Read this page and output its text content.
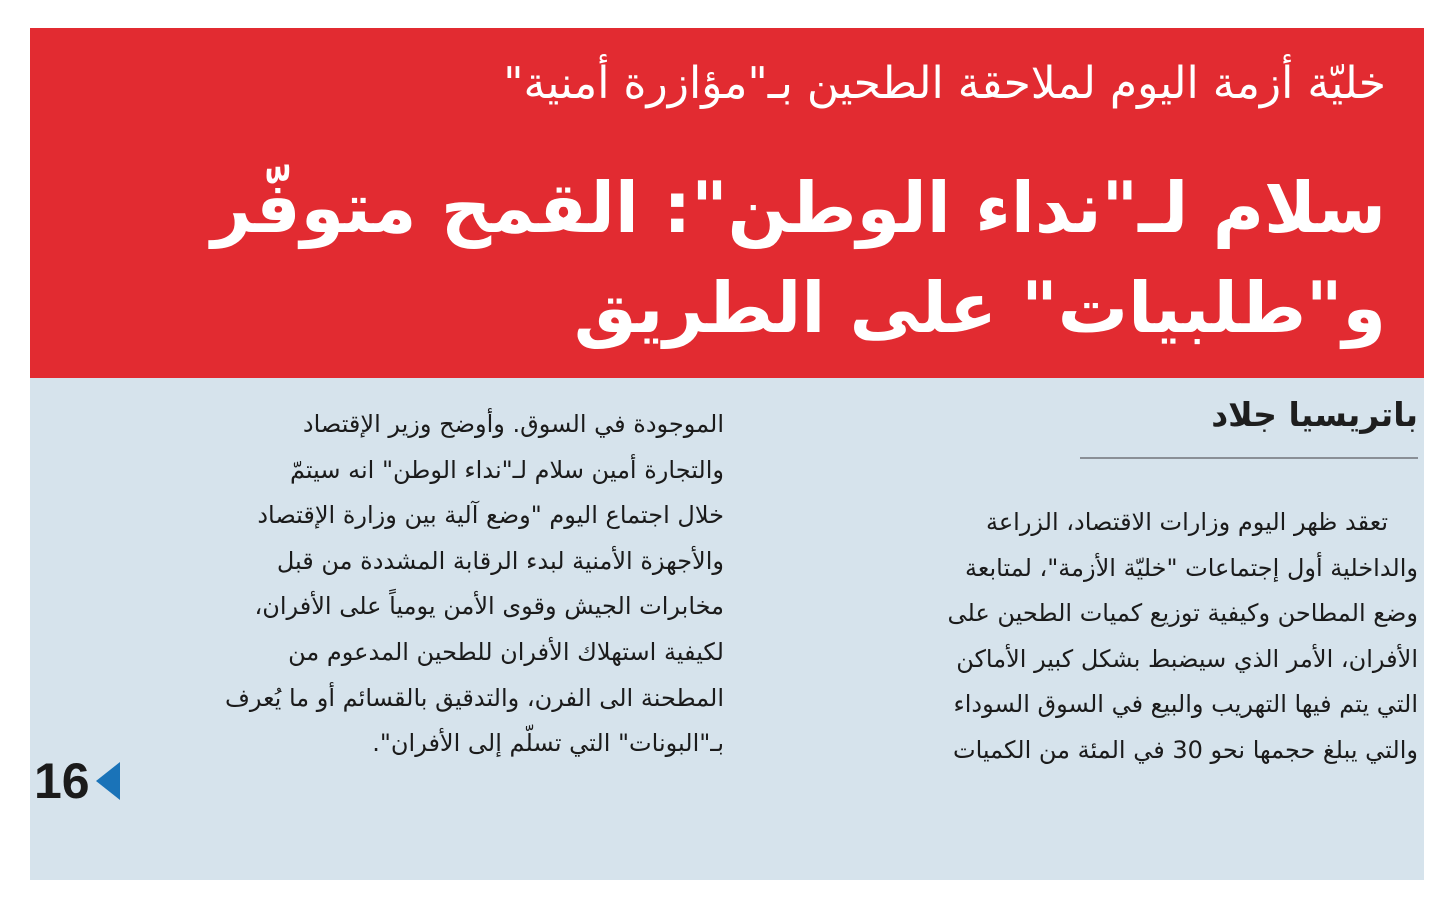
خليّة أزمة اليوم لملاحقة الطحين بـ"مؤازرة أمنية"
سلام لـ"نداء الوطن": القمح متوفّر
و"طلبيات" على الطريق
باتريسيا جلاد
تعقد ظهر اليوم وزارات الاقتصاد، الزراعة
والداخلية أول إجتماعات "خليّة الأزمة"، لمتابعة
وضع المطاحن وكيفية توزيع كميات الطحين على
الأفران، الأمر الذي سيضبط بشكل كبير الأماكن
التي يتم فيها التهريب والبيع في السوق السوداء
والتي يبلغ حجمها نحو 30 في المئة من الكميات
الموجودة في السوق. وأوضح وزير الإقتصاد
والتجارة أمين سلام لـ"نداء الوطن" انه سيتمّ
خلال اجتماع اليوم "وضع آلية بين وزارة الإقتصاد
والأجهزة الأمنية لبدء الرقابة المشددة من قبل
مخابرات الجيش وقوى الأمن يومياً على الأفران،
لكيفية استهلاك الأفران للطحين المدعوم من
المطحنة الى الفرن، والتدقيق بالقسائم أو ما يُعرف
بـ"البونات" التي تسلّم إلى الأفران".
16
